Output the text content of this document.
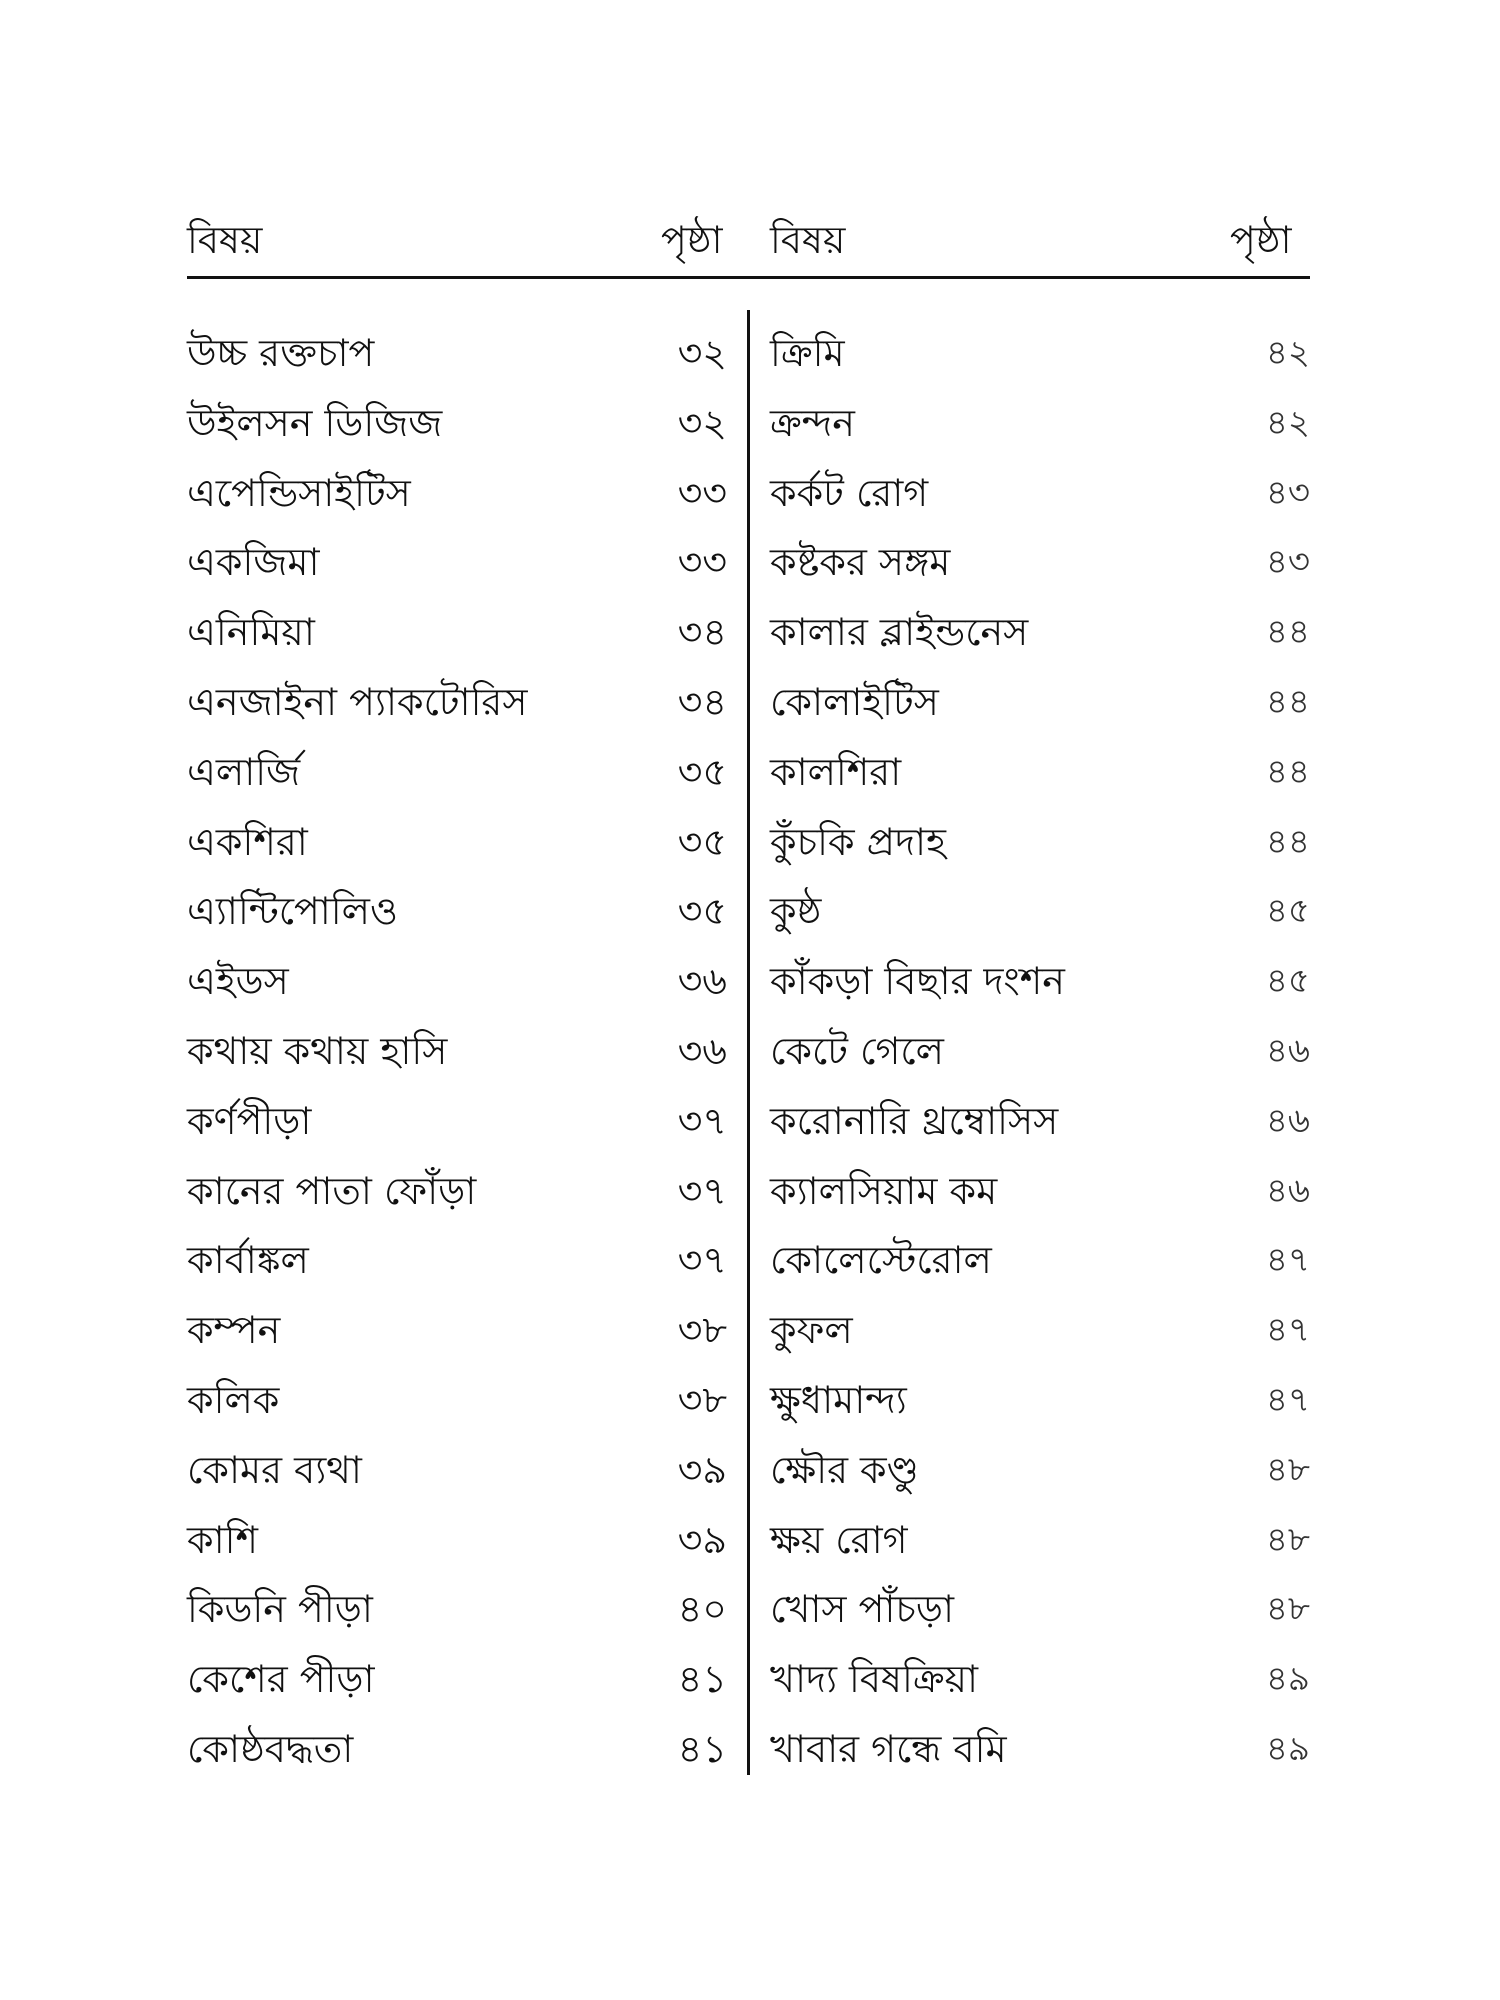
বিষয়	পৃষ্ঠা বিষয়	পৃষ্ঠা
উচ্চ রক্তচাপ	৩২
উইলসন ডিজিজ	৩২
এপেন্ডিসাইটিস	৩৩
একজিমা	৩৩
এনিমিয়া	৩৪
এনজাইনা প্যাকটোরিস	৩৪
এলার্জি	৩৫
একশিরা	৩৫
এ্যান্টিপোলিও	৩৫
এইডস	৩৬
কথায় কথায় হাসি	৩৬
কর্ণপীড়া	৩৭
কানের পাতা ফোঁড়া	৩৭
কার্বাঙ্কল	৩৭
কম্পন	৩৮
কলিক	৩৮
কোমর ব্যথা	৩৯
কাশি	৩৯
কিডনি পীড়া	৪০
কেশের পীড়া	৪১
কোষ্ঠবদ্ধতা	৪১
ক্রিমি	৪২
ক্রন্দন	৪২
কর্কট রোগ	৪৩
কষ্টকর সঙ্গম	৪৩
কালার ব্লাইন্ডনেস	৪৪
কোলাইটিস	৪৪
কালশিরা	৪৪
কুঁচকি প্রদাহ	৪৪
কুষ্ঠ	৪৫
কাঁকড়া বিছার দংশন	৪৫
কেটে গেলে	৪৬
করোনারি থ্রম্বোসিস	৪৬
ক্যালসিয়াম কম	৪৬
কোলেস্টেরোল	৪৭
কুফল	৪৭
ক্ষুধামান্দ্য	৪৭
ক্ষৌর কণ্ডু	৪৮
ক্ষয় রোগ	৪৮
খোস পাঁচড়া	৪৮
খাদ্য বিষক্রিয়া	৪৯
খাবার গন্ধে বমি	৪৯
